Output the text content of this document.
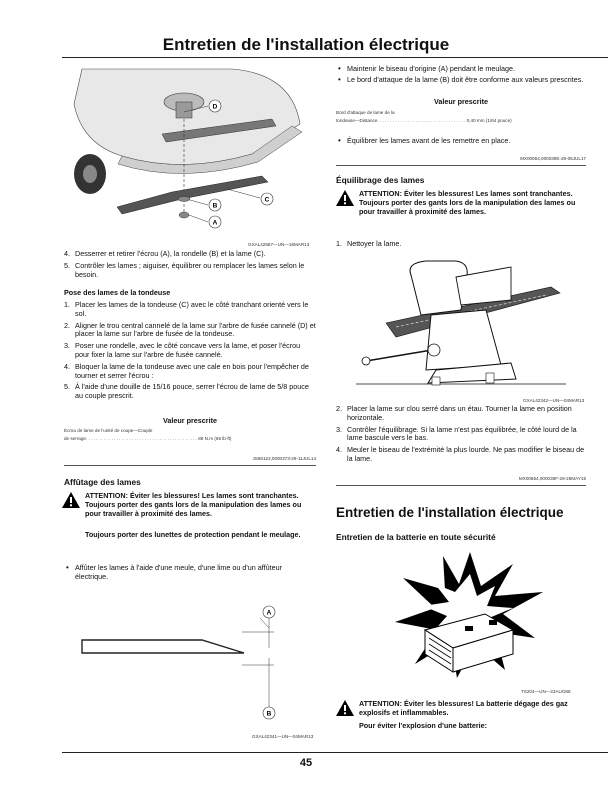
Entretien de l'installation électrique
D
C
B
A
GXAL42587—UN—19MAR13
4. Desserrer et retirer l'écrou (A), la rondelle (B) et la lame (C).
5. Contrôler les lames ; aiguiser, équilibrer ou remplacer les lames selon le besoin.
Pose des lames de la tondeuse
1. Placer les lames de la tondeuse (C) avec le côté tranchant orienté vers le sol.
2. Aligner le trou central cannelé de la lame sur l'arbre de fusée cannelé (D) et placer la lame sur l'arbre de fusée de la tondeuse.
3. Poser une rondelle, avec le côté concave vers la lame, et poser l'écrou pour fixer la lame sur l'arbre de fusée cannelé.
4. Bloquer la lame de la tondeuse avec une cale en bois pour l'empêcher de tourner et serrer l'écrou :
5. À l'aide d'une douille de 15/16 pouce, serrer l'écrou de lame de 5/8 pouce au couple prescrit.
Valeur prescrite
Écrou de lame de l'unité de coupe—Couple
de serrage. . . . . . . . . . . . . . . . . . . . . . . . . . . . . . . . . . . . . . . . . . . . 88 N.m (65 lb-ft)
JS86122,0000373-28-11JUL14
Affûtage des lames
ATTENTION: Éviter les blessures! Les lames sont tranchantes. Toujours porter des gants lors de la manipulation des lames ou pour travailler à proximité des lames.
Toujours porter des lunettes de protection pendant le meulage.
• Affûter les lames à l'aide d'une meule, d'une lime ou d'un affûteur électrique.
A
B
GXAL42341—UN—04MAR13
• Maintenir le biseau d'origine (A) pendant le meulage.
• Le bord d'attaque de la lame (B) doit être conforme aux valeurs prescrites.
Valeur prescrite
Bord d'attaque de lame de la
tondeuse—Distance. . . . . . . . . . . . . . . . . . . . . . . . . . . . . . . . . . . 0,40 mm (1/64 pouce)
• Équilibrer les lames avant de les remettre en place.
MX00654,000039E-28-05JUL17
Équilibrage des lames
ATTENTION: Éviter les blessures! Les lames sont tranchantes. Toujours porter des gants lors de la manipulation des lames ou pour travailler à proximité des lames.
1. Nettoyer la lame.
GXAL42342—UN—04MAR13
2. Placer la lame sur clou serré dans un étau. Tourner la lame en position horizontale.
3. Contrôler l'équilibrage. Si la lame n'est pas équilibrée, le côté lourd de la lame bascule vers le bas.
4. Meuler le biseau de l'extrémité la plus lourde. Ne pas modifier le biseau de la lame.
MX00654,000039F-28-26MAY15
Entretien de l'installation électrique
Entretien de la batterie en toute sécurité
TS204—UN—23AUG88
ATTENTION: Éviter les blessures! La batterie dégage des gaz explosifs et inflammables.
Pour éviter l'explosion d'une batterie:
45
